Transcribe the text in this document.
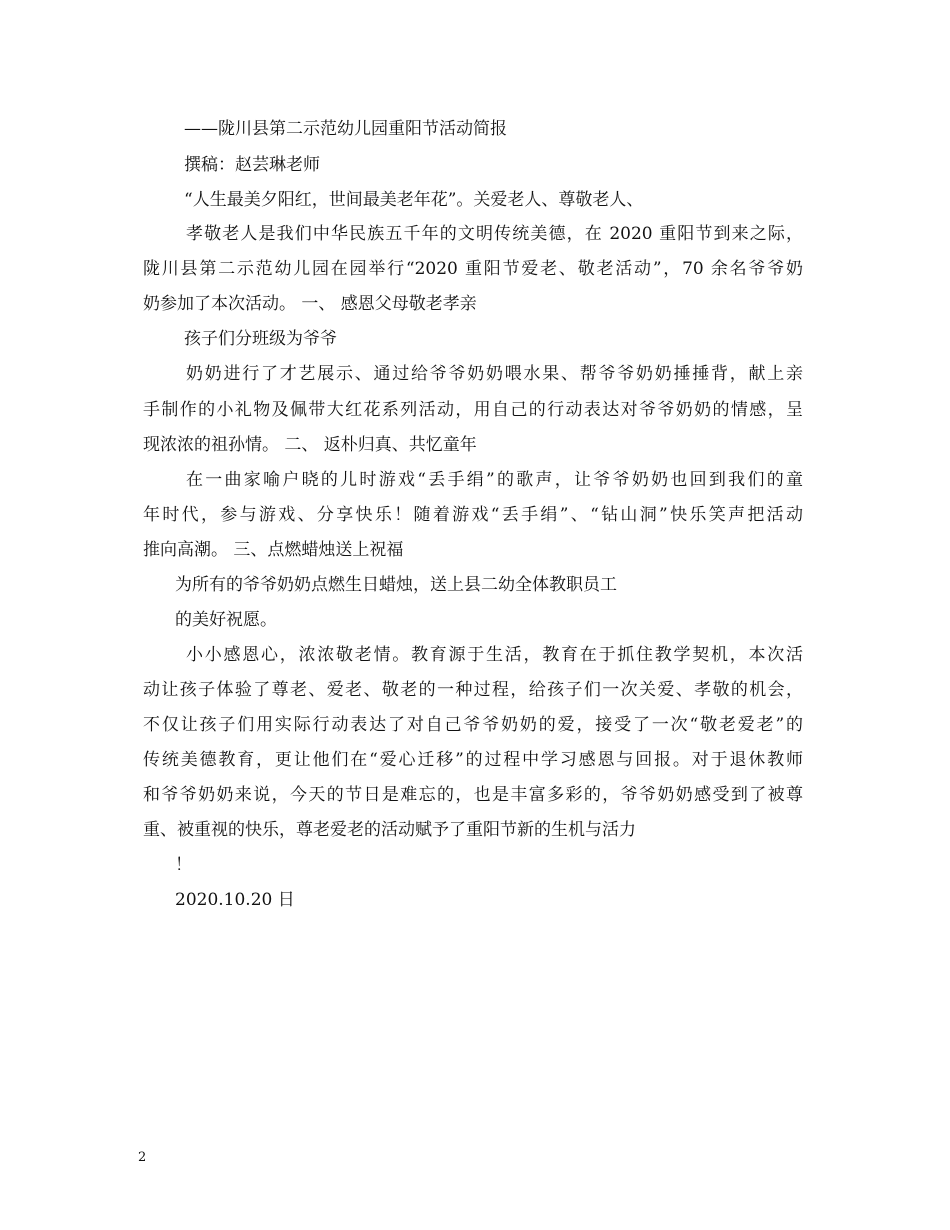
——陇川县第二示范幼儿园重阳节活动简报
撰稿：赵芸琳老师
“人生最美夕阳红，世间最美老年花”。关爱老人、尊敬老人、
孝敬老人是我们中华民族五千年的文明传统美德，在 2020 重阳节到来之际，
陇川县第二示范幼儿园在园举行“2020 重阳节爱老、敬老活动”，70 余名爷爷奶
奶参加了本次活动。 一、 感恩父母敬老孝亲
孩子们分班级为爷爷
奶奶进行了才艺展示、通过给爷爷奶奶喂水果、帮爷爷奶奶捶捶背，献上亲
手制作的小礼物及佩带大红花系列活动，用自己的行动表达对爷爷奶奶的情感，呈
现浓浓的祖孙情。 二、 返朴归真、共忆童年
在一曲家喻户晓的儿时游戏“丢手绢”的歌声，让爷爷奶奶也回到我们的童
年时代，参与游戏、分享快乐！随着游戏“丢手绢”、“钻山洞”快乐笑声把活动
推向高潮。 三、点燃蜡烛送上祝福
为所有的爷爷奶奶点燃生日蜡烛，送上县二幼全体教职员工
的美好祝愿。
小小感恩心，浓浓敬老情。教育源于生活，教育在于抓住教学契机，本次活
动让孩子体验了尊老、爱老、敬老的一种过程，给孩子们一次关爱、孝敬的机会，
不仅让孩子们用实际行动表达了对自己爷爷奶奶的爱，接受了一次“敬老爱老”的
传统美德教育，更让他们在“爱心迁移”的过程中学习感恩与回报。对于退休教师
和爷爷奶奶来说，今天的节日是难忘的，也是丰富多彩的，爷爷奶奶感受到了被尊
重、被重视的快乐，尊老爱老的活动赋予了重阳节新的生机与活力
！
2020.10.20 日
2
